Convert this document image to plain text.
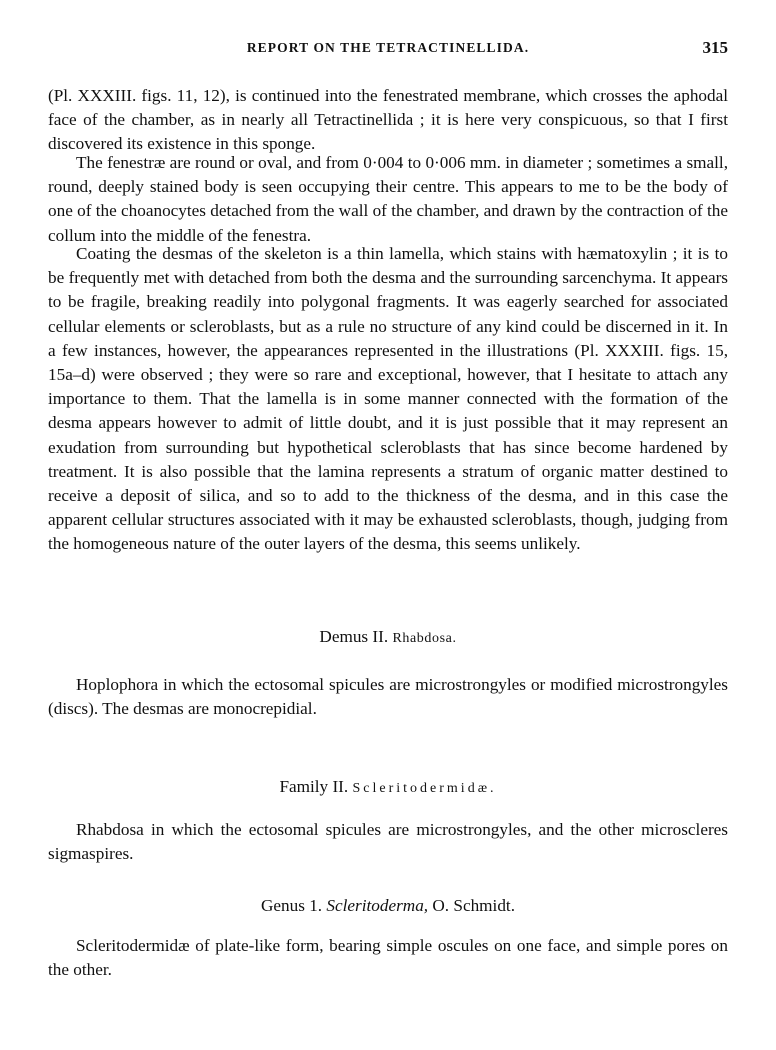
REPORT ON THE TETRACTINELLIDA.	315

(Pl. XXXIII. figs. 11, 12), is continued into the fenestrated membrane, which crosses the aphodal face of the chamber, as in nearly all Tetractinellida ; it is here very conspicuous, so that I first discovered its existence in this sponge.

The fenestræ are round or oval, and from 0·004 to 0·006 mm. in diameter ; sometimes a small, round, deeply stained body is seen occupying their centre. This appears to me to be the body of one of the choanocytes detached from the wall of the chamber, and drawn by the contraction of the collum into the middle of the fenestra.

Coating the desmas of the skeleton is a thin lamella, which stains with hæmatoxylin ; it is to be frequently met with detached from both the desma and the surrounding sarcenchyma. It appears to be fragile, breaking readily into polygonal fragments. It was eagerly searched for associated cellular elements or scleroblasts, but as a rule no structure of any kind could be discerned in it. In a few instances, however, the appearances represented in the illustrations (Pl. XXXIII. figs. 15, 15a–d) were observed ; they were so rare and exceptional, however, that I hesitate to attach any importance to them. That the lamella is in some manner connected with the formation of the desma appears however to admit of little doubt, and it is just possible that it may represent an exudation from surrounding but hypothetical scleroblasts that has since become hardened by treatment. It is also possible that the lamina represents a stratum of organic matter destined to receive a deposit of silica, and so to add to the thickness of the desma, and in this case the apparent cellular structures associated with it may be exhausted scleroblasts, though, judging from the homogeneous nature of the outer layers of the desma, this seems unlikely.

Demus II. Rhabdosa.

Hoplophora in which the ectosomal spicules are microstrongyles or modified microstrongyles (discs). The desmas are monocrepidial.

Family II. Scleritodermidæ.

Rhabdosa in which the ectosomal spicules are microstrongyles, and the other microscleres sigmaspires.

Genus 1. Scleritoderma, O. Schmidt.

Scleritodermidæ of plate-like form, bearing simple oscules on one face, and simple pores on the other.
